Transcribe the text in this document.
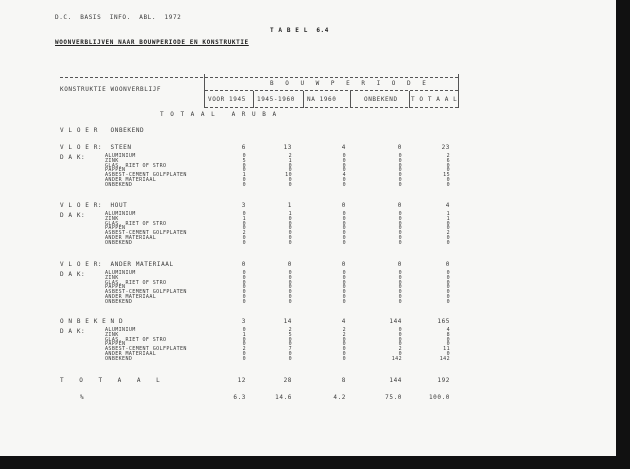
D.C.  BASIS  INFO.  ABL.  1972
T A B E L  6.4
WOONVERBLIJVEN NAAR BOUWPERIODE EN KONSTRUKTIE
KONSTRUKTIE WOONVERBLIJF
B O U W P E R I O D E
VOOR 1945 1945-1960 NA 1960	ONBEKEND T O T A A L
T O T A A L   A R U B A
V L O E R   ONBEKEND
V L O E R:  STEEN	6	13	4	0	23
D A K:	ALUMINIUM	0	2	0	0	2
ZINK	5	1	0	0	6
GLAS, RIET OF STRO	0	0	0	0	0
PAPPEN	0	0	0	0	0
ASBEST-CEMENT GOLFPLATEN	1	10	4	0	15
ANDER MATERIAAL	0	0	0	0	0
ONBEKEND	0	0	0	0	0
V L O E R:  HOUT	3	1	0	0	4
D A K:	ALUMINIUM	0	1	0	0	1
ZINK	1	0	0	0	1
GLAS, RIET OF STRO	0	0	0	0	0
PAPPEN	0	0	0	0	0
ASBEST-CEMENT GOLFPLATEN	2	0	0	0	2
ANDER MATERIAAL	0	0	0	0	0
ONBEKEND	0	0	0	0	0
V L O E R:  ANDER MATERIAAL	0	0	0	0	0
D A K:	ALUMINIUM	0	0	0	0	0
ZINK	0	0	0	0	0
GLAS, RIET OF STRO	0	0	0	0	0
PAPPEN	0	0	0	0	0
ASBEST-CEMENT GOLFPLATEN	0	0	0	0	0
ANDER MATERIAAL	0	0	0	0	0
ONBEKEND	0	0	0	0	0
O N B E K E N D	3	14	4	144	165
D A K:	ALUMINIUM	0	2	2	0	4
ZINK	1	5	2	0	8
GLAS, RIET OF STRO	0	0	0	0	0
PAPPEN	0	0	0	0	0
ASBEST-CEMENT GOLFPLATEN	2	7	0	2	11
ANDER MATERIAAL	0	0	0	0	0
ONBEKEND	0	0	0	142	142
T O T A A L	12	28	8	144	192
%	6.3	14.6	4.2	75.0	100.0
